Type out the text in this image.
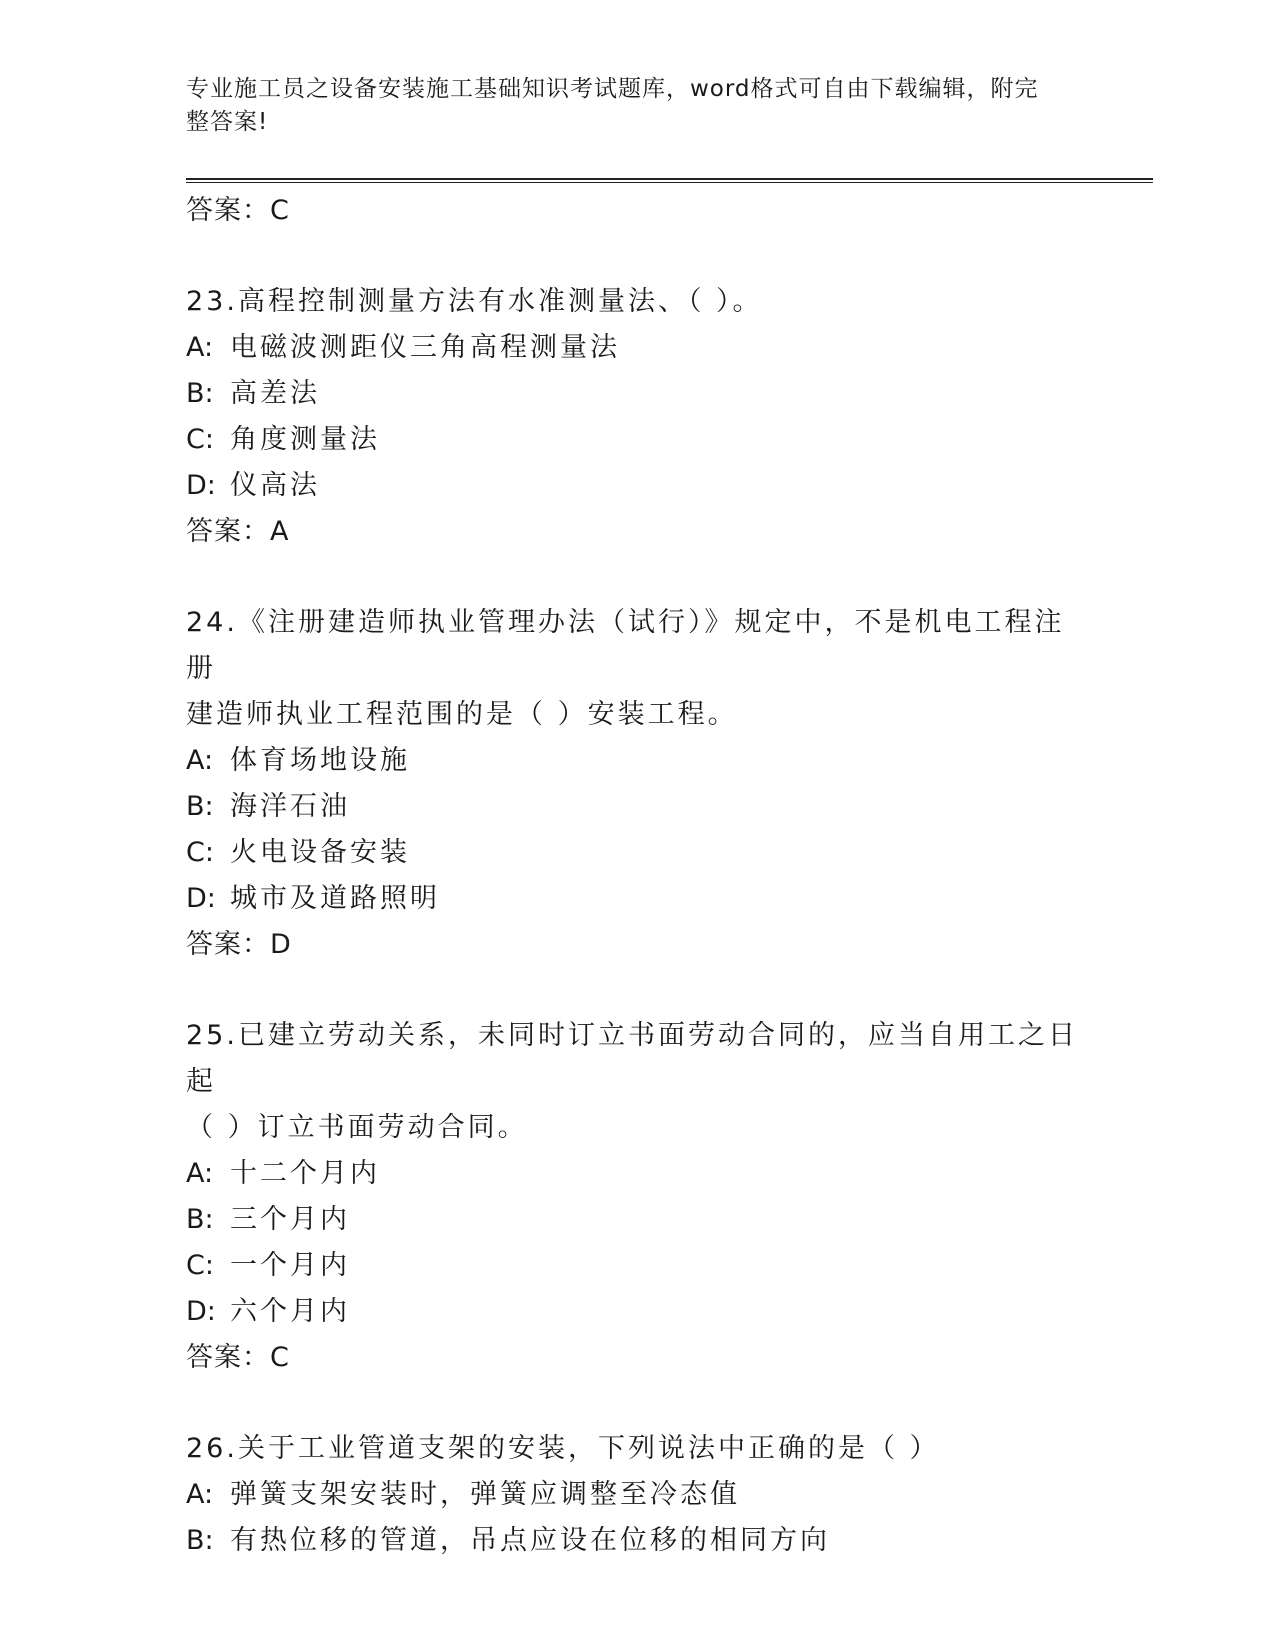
专业施工员之设备安装施工基础知识考试题库，word格式可自由下载编辑，附完
整答案!
答案：C
23.高程控制测量方法有水准测量法、（ ）。
A: 电磁波测距仪三角高程测量法
B: 高差法
C: 角度测量法
D: 仪高法
答案：A
24.《注册建造师执业管理办法（试行）》规定中，不是机电工程注册
建造师执业工程范围的是（ ）安装工程。
A: 体育场地设施
B: 海洋石油
C: 火电设备安装
D: 城市及道路照明
答案：D
25.已建立劳动关系，未同时订立书面劳动合同的，应当自用工之日起
（ ）订立书面劳动合同。
A: 十二个月内
B: 三个月内
C: 一个月内
D: 六个月内
答案：C
26.关于工业管道支架的安装，下列说法中正确的是（ ）
A: 弹簧支架安装时，弹簧应调整至冷态值
B: 有热位移的管道，吊点应设在位移的相同方向
